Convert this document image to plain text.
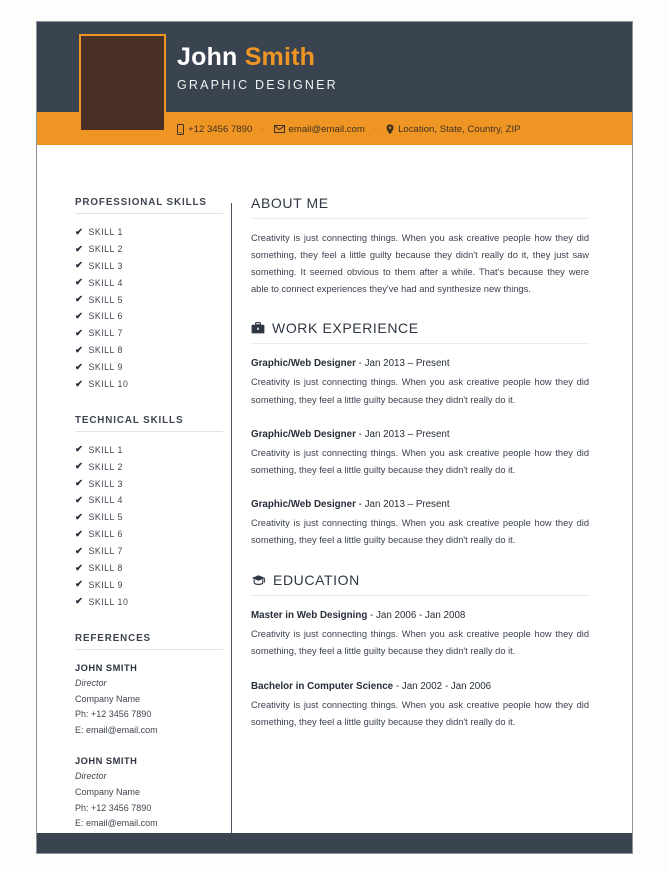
John Smith
GRAPHIC DESIGNER
+12 3456 7890 -	email@email.com -	Location, State, Country, ZIP
PROFESSIONAL SKILLS
✔ SKILL 1
✔ SKILL 2
✔ SKILL 3
✔ SKILL 4
✔ SKILL 5
✔ SKILL 6
✔ SKILL 7
✔ SKILL 8
✔ SKILL 9
✔ SKILL 10
TECHNICAL SKILLS
✔ SKILL 1
✔ SKILL 2
✔ SKILL 3
✔ SKILL 4
✔ SKILL 5
✔ SKILL 6
✔ SKILL 7
✔ SKILL 8
✔ SKILL 9
✔ SKILL 10
REFERENCES
JOHN SMITH
Director
Company Name
Ph: +12 3456 7890
E: email@email.com
JOHN SMITH
Director
Company Name
Ph: +12 3456 7890
E: email@email.com
ABOUT ME
Creativity is just connecting things. When you ask creative people how they did something, they feel a little guilty because they didn't really do it, they just saw something. It seemed obvious to them after a while. That's because they were able to connect experiences they've had and synthesize new things.
WORK EXPERIENCE
Graphic/Web Designer - Jan 2013 – Present
Creativity is just connecting things. When you ask creative people how they did something, they feel a little guilty because they didn't really do it.
Graphic/Web Designer - Jan 2013 – Present
Creativity is just connecting things. When you ask creative people how they did something, they feel a little guilty because they didn't really do it.
Graphic/Web Designer - Jan 2013 – Present
Creativity is just connecting things. When you ask creative people how they did something, they feel a little guilty because they didn't really do it.
EDUCATION
Master in Web Designing - Jan 2006 - Jan 2008
Creativity is just connecting things. When you ask creative people how they did something, they feel a little guilty because they didn't really do it.
Bachelor in Computer Science - Jan 2002 - Jan 2006
Creativity is just connecting things. When you ask creative people how they did something, they feel a little guilty because they didn't really do it.
